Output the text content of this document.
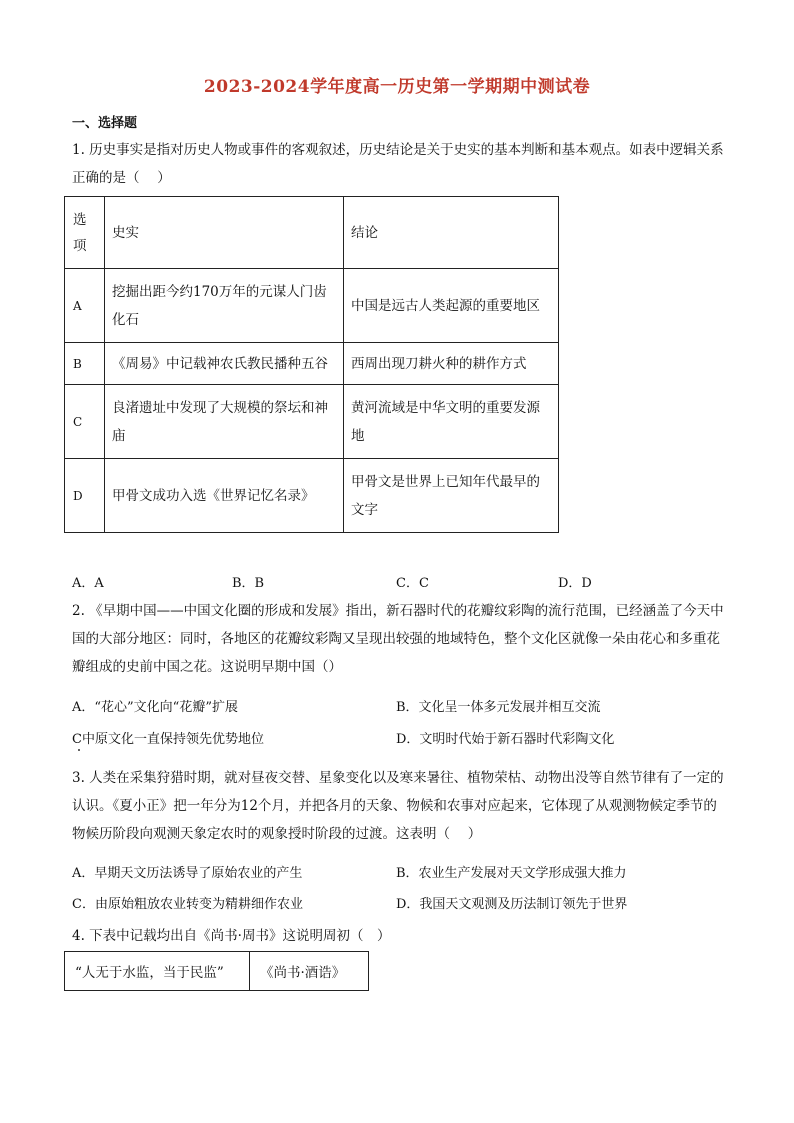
2023-2024学年度高一历史第一学期期中测试卷
一、选择题
1. 历史事实是指对历史人物或事件的客观叙述，历史结论是关于史实的基本判断和基本观点。如表中逻辑关系正确的是（　 ）
选项	史实	结论
A	挖掘出距今约170万年的元谋人门齿化石	中国是远古人类起源的重要地区
B	《周易》中记载神农氏教民播种五谷	西周出现刀耕火种的耕作方式
C	良渚遗址中发现了大规模的祭坛和神庙	黄河流域是中华文明的重要发源地
D	甲骨文成功入选《世界记忆名录》	甲骨文是世界上已知年代最早的文字
A．A	B．B	C．C	D．D
2. 《早期中国——中国文化圈的形成和发展》指出，新石器时代的花瓣纹彩陶的流行范围，已经涵盖了今天中国的大部分地区：同时，各地区的花瓣纹彩陶又呈现出较强的地域特色，整个文化区就像一朵由花心和多重花瓣组成的史前中国之花。这说明早期中国（）
A．“花心”文化向“花瓣”扩展	B．文化呈一体多元发展并相互交流
C中原文化一直保持领先优势地位	D．文明时代始于新石器时代彩陶文化
3. 人类在采集狩猎时期，就对昼夜交替、星象变化以及寒来暑往、植物荣枯、动物出没等自然节律有了一定的认识。《夏小正》把一年分为12个月，并把各月的天象、物候和农事对应起来，它体现了从观测物候定季节的物候历阶段向观测天象定农时的观象授时阶段的过渡。这表明（　 ）
A．早期天文历法诱导了原始农业的产生	B．农业生产发展对天文学形成强大推力
C．由原始粗放农业转变为精耕细作农业	D．我国天文观测及历法制订领先于世界
4. 下表中记载均出自《尚书·周书》这说明周初（　）
“人无于水监，当于民监”	《尚书·酒诰》
